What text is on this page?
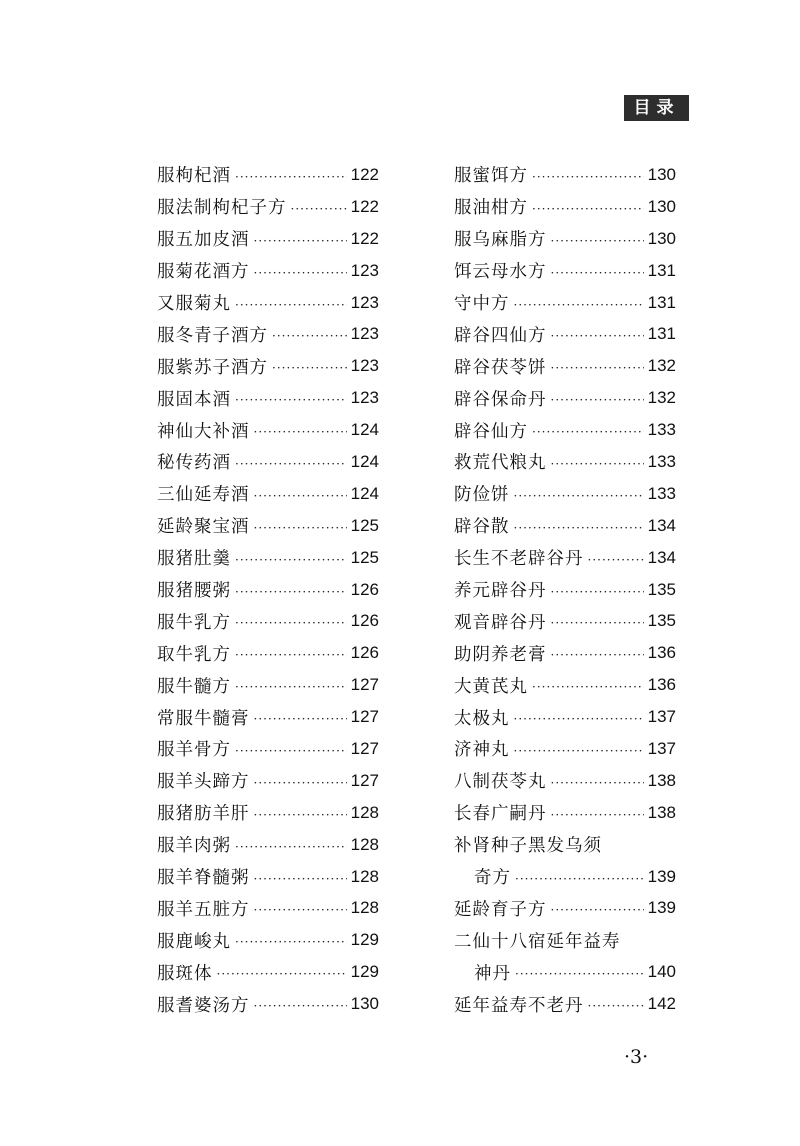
目录
服枸杞酒 ·····	122
服法制枸杞子方 ·····	122
服五加皮酒 ·····	122
服菊花酒方 ·····	123
又服菊丸 ·····	123
服冬青子酒方 ·····	123
服紫苏子酒方 ·····	123
服固本酒 ·····	123
神仙大补酒 ·····	124
秘传药酒 ·····	124
三仙延寿酒 ·····	124
延龄聚宝酒 ·····	125
服猪肚羹 ·····	125
服猪腰粥 ·····	126
服牛乳方 ·····	126
取牛乳方 ·····	126
服牛髓方 ·····	127
常服牛髓膏 ·····	127
服羊骨方 ·····	127
服羊头蹄方 ·····	127
服猪肪羊肝 ·····	128
服羊肉粥 ·····	128
服羊脊髓粥 ·····	128
服羊五脏方 ·····	128
服鹿峻丸 ·····	129
服斑体 ·····	129
服耆婆汤方 ·····	130
服蜜饵方 ·····	130
服油柑方 ·····	130
服乌麻脂方 ·····	130
饵云母水方 ·····	131
守中方 ·····	131
辟谷四仙方 ·····	131
辟谷茯苓饼 ·····	132
辟谷保命丹 ·····	132
辟谷仙方 ·····	133
救荒代粮丸 ·····	133
防俭饼 ·····	133
辟谷散 ·····	134
长生不老辟谷丹 ·····	134
养元辟谷丹 ·····	135
观音辟谷丹 ·····	135
助阴养老膏 ·····	136
大黄芪丸 ·····	136
太极丸 ·····	137
济神丸 ·····	137
八制茯苓丸 ·····	138
长春广嗣丹 ·····	138
补肾种子黑发乌须
奇方 ·····	139
延龄育子方 ·····	139
二仙十八宿延年益寿
神丹 ·····	140
延年益寿不老丹 ·····	142
·3·
